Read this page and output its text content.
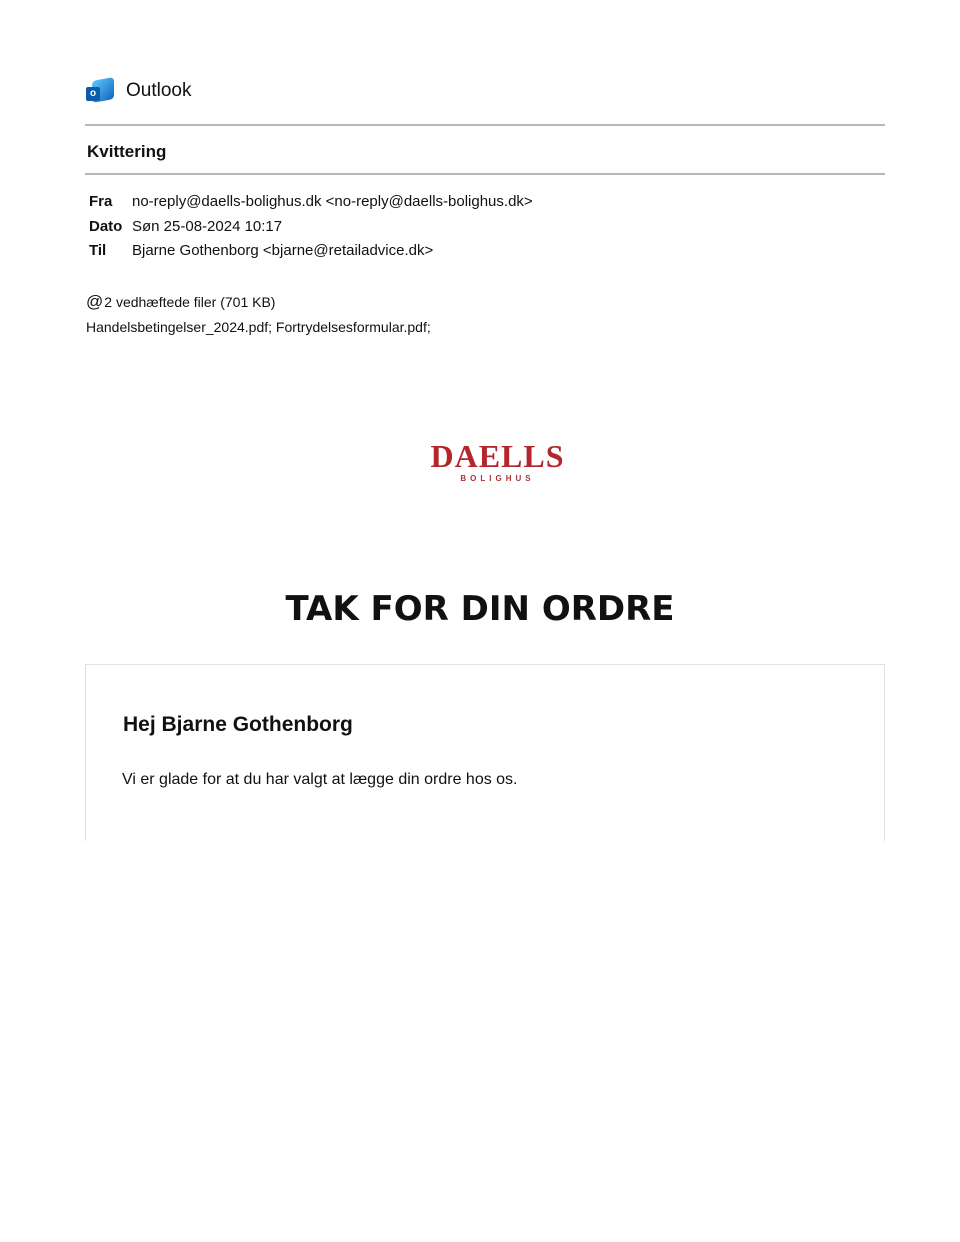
o Outlook
Kvittering
Fra	no-reply@daells-bolighus.dk <no-reply@daells-bolighus.dk>
Dato Søn 25-08-2024 10:17
Til	Bjarne Gothenborg <bjarne@retailadvice.dk>
@ 2 vedhæftede filer (701 KB)
Handelsbetingelser_2024.pdf; Fortrydelsesformular.pdf;
DAELLS
BOLIGHUS
TAK FOR DIN ORDRE
Hej Bjarne Gothenborg
Vi er glade for at du har valgt at lægge din ordre hos os.
